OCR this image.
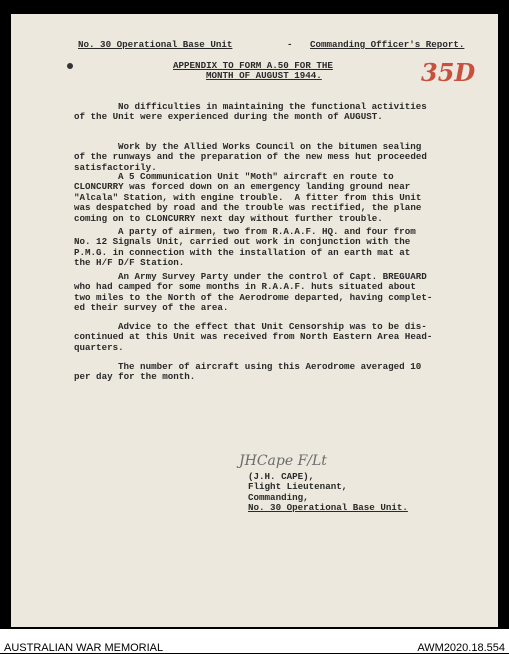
No. 30 Operational Base Unit	- Commanding Officer's Report.
APPENDIX TO FORM A.50 FOR THE
MONTH OF AUGUST 1944.	35D
No difficulties in maintaining the functional activities
of the Unit were experienced during the month of AUGUST.
Work by the Allied Works Council on the bitumen sealing
of the runways and the preparation of the new mess hut proceeded
satisfactorily.
A 5 Communication Unit "Moth" aircraft en route to
CLONCURRY was forced down on an emergency landing ground near
"Alcala" Station, with engine trouble.  A fitter from this Unit
was despatched by road and the trouble was rectified, the plane
coming on to CLONCURRY next day without further trouble.
A party of airmen, two from R.A.A.F. HQ. and four from
No. 12 Signals Unit, carried out work in conjunction with the
P.M.G. in connection with the installation of an earth mat at
the H/F D/F Station.
An Army Survey Party under the control of Capt. BREGUARD
who had camped for some months in R.A.A.F. huts situated about
two miles to the North of the Aerodrome departed, having complet-
ed their survey of the area.
Advice to the effect that Unit Censorship was to be dis-
continued at this Unit was received from North Eastern Area Head-
quarters.
The number of aircraft using this Aerodrome averaged 10
per day for the month.
JHCape F/Lt
(J.H. CAPE),
Flight Lieutenant,
Commanding,
No. 30 Operational Base Unit.
AUSTRALIAN WAR MEMORIAL	AWM2020.18.554
